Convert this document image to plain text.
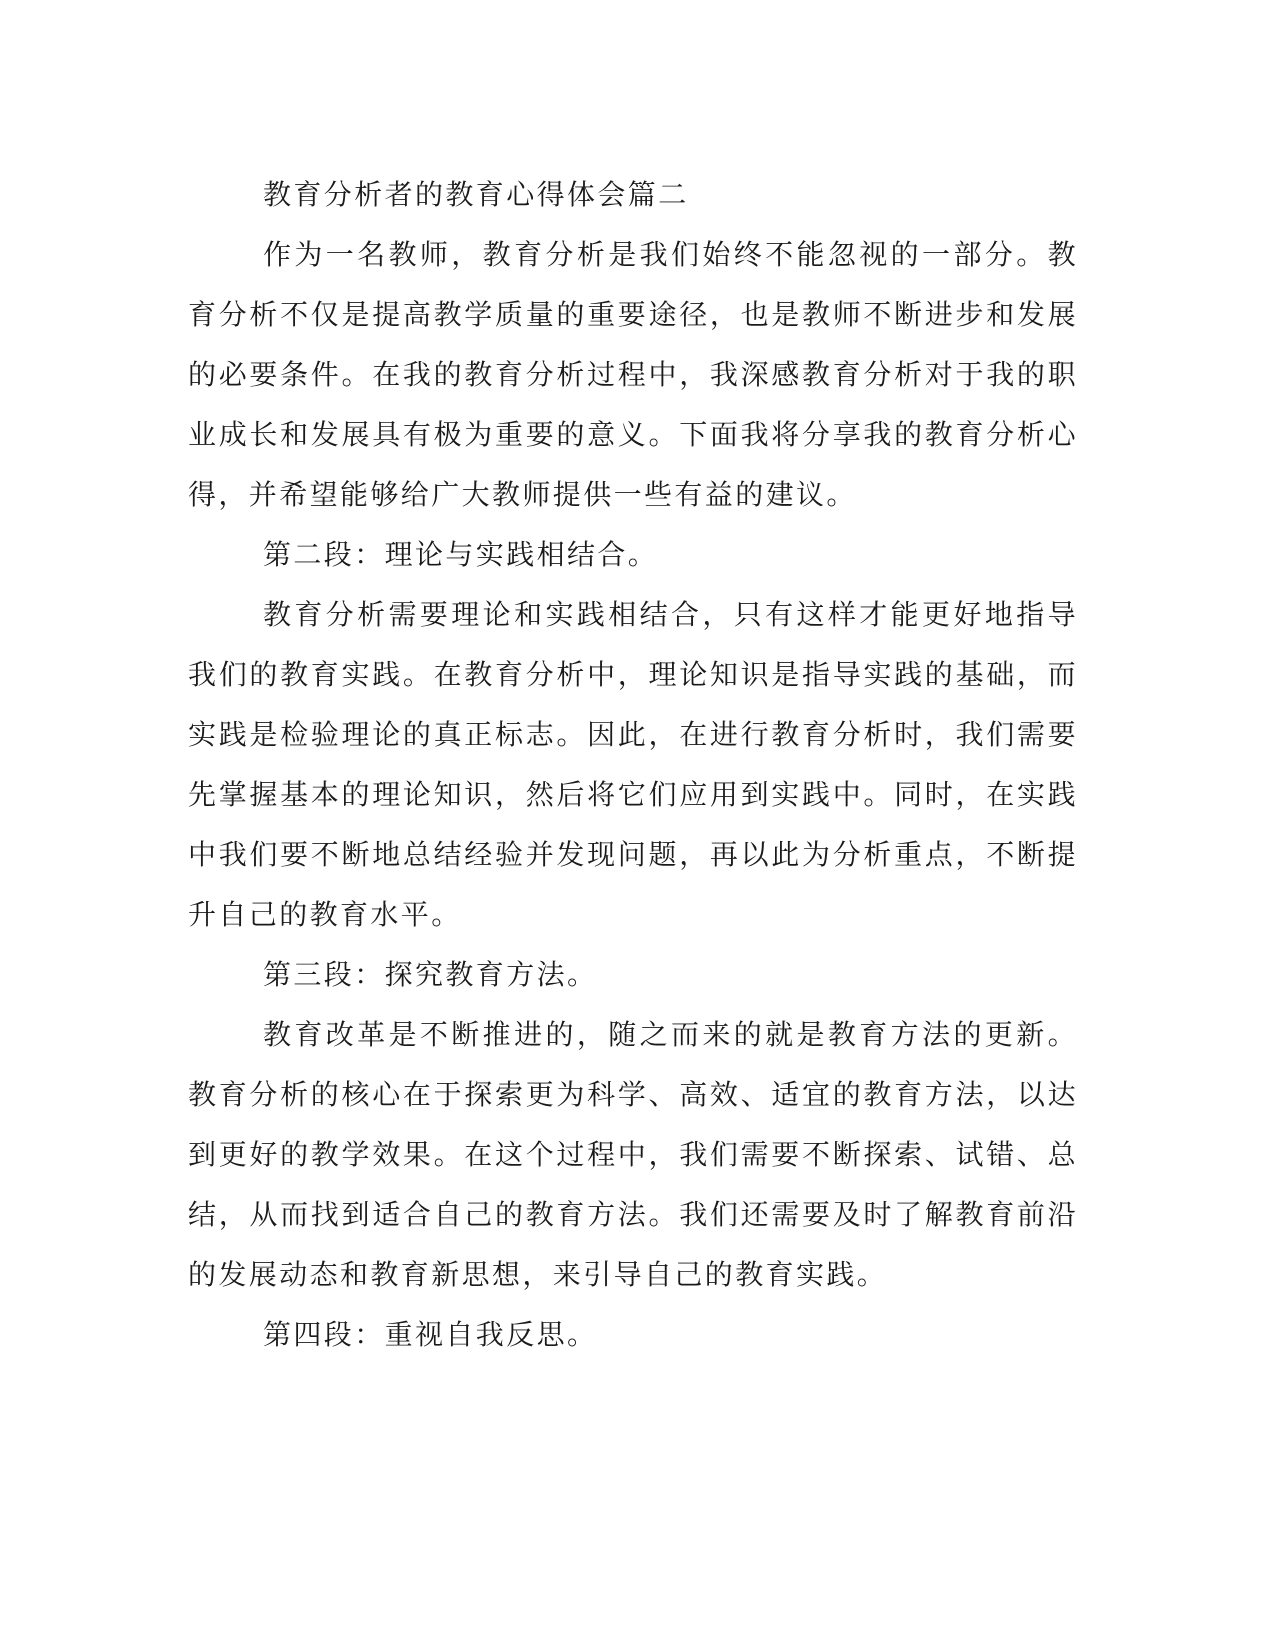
教育分析者的教育心得体会篇二

作为一名教师，教育分析是我们始终不能忽视的一部分。教育分析不仅是提高教学质量的重要途径，也是教师不断进步和发展的必要条件。在我的教育分析过程中，我深感教育分析对于我的职业成长和发展具有极为重要的意义。下面我将分享我的教育分析心得，并希望能够给广大教师提供一些有益的建议。

第二段：理论与实践相结合。

教育分析需要理论和实践相结合，只有这样才能更好地指导我们的教育实践。在教育分析中，理论知识是指导实践的基础，而实践是检验理论的真正标志。因此，在进行教育分析时，我们需要先掌握基本的理论知识，然后将它们应用到实践中。同时，在实践中我们要不断地总结经验并发现问题，再以此为分析重点，不断提升自己的教育水平。

第三段：探究教育方法。

教育改革是不断推进的，随之而来的就是教育方法的更新。教育分析的核心在于探索更为科学、高效、适宜的教育方法，以达到更好的教学效果。在这个过程中，我们需要不断探索、试错、总结，从而找到适合自己的教育方法。我们还需要及时了解教育前沿的发展动态和教育新思想，来引导自己的教育实践。

第四段：重视自我反思。
